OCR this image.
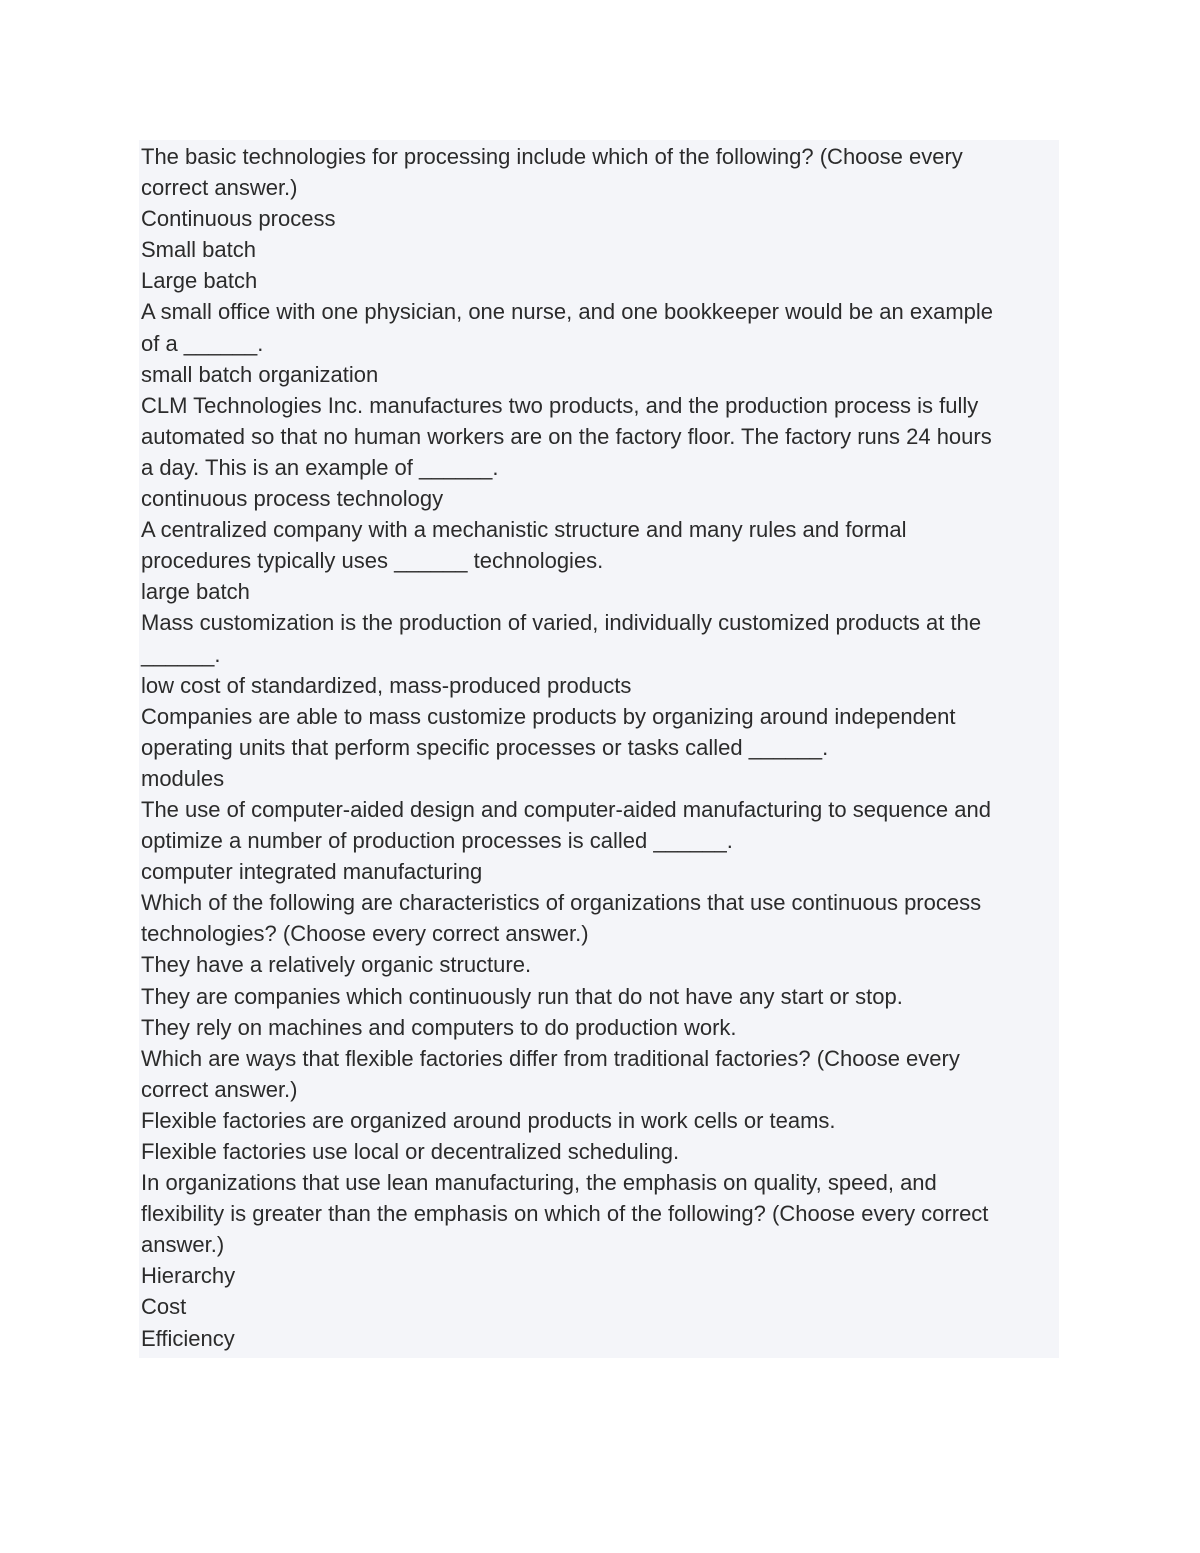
The basic technologies for processing include which of the following? (Choose every

correct answer.)

Continuous process

Small batch

Large batch

A small office with one physician, one nurse, and one bookkeeper would be an example

of a ______.

small batch organization

CLM Technologies Inc. manufactures two products, and the production process is fully

automated so that no human workers are on the factory floor. The factory runs 24 hours

a day. This is an example of ______.

continuous process technology

A centralized company with a mechanistic structure and many rules and formal

procedures typically uses ______ technologies.

large batch

Mass customization is the production of varied, individually customized products at the

______.

low cost of standardized, mass-produced products

Companies are able to mass customize products by organizing around independent

operating units that perform specific processes or tasks called ______.

modules

The use of computer-aided design and computer-aided manufacturing to sequence and

optimize a number of production processes is called ______.

computer integrated manufacturing

Which of the following are characteristics of organizations that use continuous process

technologies? (Choose every correct answer.)

They have a relatively organic structure.

They are companies which continuously run that do not have any start or stop.

They rely on machines and computers to do production work.

Which are ways that flexible factories differ from traditional factories? (Choose every

correct answer.)

Flexible factories are organized around products in work cells or teams.

Flexible factories use local or decentralized scheduling.

In organizations that use lean manufacturing, the emphasis on quality, speed, and

flexibility is greater than the emphasis on which of the following? (Choose every correct

answer.)

Hierarchy

Cost

Efficiency
